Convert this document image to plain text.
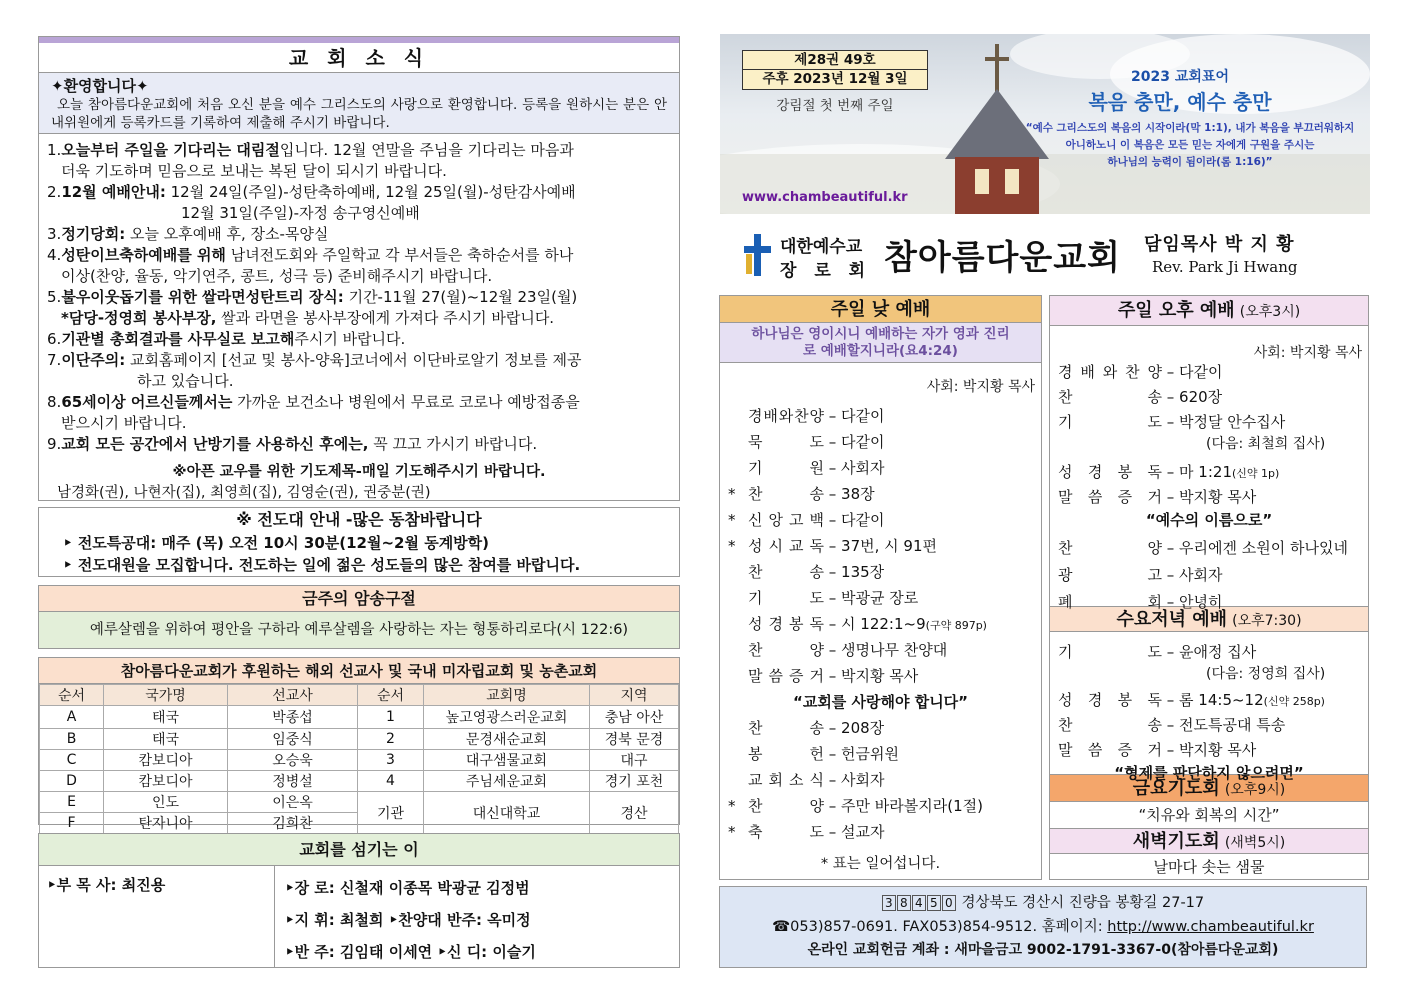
교 회 소 식
✦환영합니다✦
오늘 참아름다운교회에 처음 오신 분을 예수 그리스도의 사랑으로 환영합니다. 등록을 원하시는 분은 안내위원에게 등록카드를 기록하여 제출해 주시기 바랍니다.
1.오늘부터 주일을 기다리는 대림절입니다. 12월 연말을 주님을 기다리는 마음과
더욱 기도하며 믿음으로 보내는 복된 달이 되시기 바랍니다.
2.12월 예배안내: 12월 24일(주일)-성탄축하예배, 12월 25일(월)-성탄감사예배
12월 31일(주일)-자정 송구영신예배
3.정기당회: 오늘 오후예배 후, 장소-목양실
4.성탄이브축하예배를 위해 남녀전도회와 주일학교 각 부서들은 축하순서를 하나
이상(찬양, 율동, 악기연주, 콩트, 성극 등) 준비해주시기 바랍니다.
5.불우이웃돕기를 위한 쌀라면성탄트리 장식: 기간-11월 27(월)~12월 23일(월)
*담당-정영희 봉사부장, 쌀과 라면을 봉사부장에게 가져다 주시기 바랍니다.
6.기관별 총회결과를 사무실로 보고해주시기 바랍니다.
7.이단주의: 교회홈페이지 [선교 및 봉사-양육]코너에서 이단바로알기 정보를 제공
하고 있습니다.
8.65세이상 어르신들께서는 가까운 보건소나 병원에서 무료로 코로나 예방접종을
받으시기 바랍니다.
9.교회 모든 공간에서 난방기를 사용하신 후에는, 꼭 끄고 가시기 바랍니다.
※아픈 교우를 위한 기도제목-매일 기도해주시기 바랍니다.
남경화(권), 나현자(집), 최영희(집), 김영순(권), 권중분(권)
※ 전도대 안내 -많은 동참바랍니다
‣ 전도특공대: 매주 (목) 오전 10시 30분(12월~2월 동계방학)
‣ 전도대원을 모집합니다. 전도하는 일에 젊은 성도들의 많은 참여를 바랍니다.
금주의 암송구절
예루살렘을 위하여 평안을 구하라 예루살렘을 사랑하는 자는 형통하리로다(시 122:6)
참아름다운교회가 후원하는 해외 선교사 및 국내 미자립교회 및 농촌교회
순서	국가명	선교사	순서	교회명	지역
A	태국	박종섭	1	높고영광스러운교회	충남 아산
B	태국	임중식	2	문경새순교회	경북 문경
C	캄보디아	오승욱	3	대구샘물교회	대구
D	캄보디아	정병설	4	주님세운교회	경기 포천
E	인도	이은옥	기관	대신대학교	경산
F	탄자니아	김희찬			
교회를 섬기는 이
‣부 목 사: 최진용	‣장 로: 신철재 이종목 박광균 김정범
‣지 휘: 최철희 ‣찬양대 반주: 옥미정
‣반 주: 김임태 이세연 ‣신 디: 이슬기
제28권 49호
주후 2023년 12월 3일
강림절 첫 번째 주일
2023 교회표어
복음 충만, 예수 충만
“예수 그리스도의 복음의 시작이라(막 1:1), 내가 복음을 부끄러워하지
아니하노니 이 복음은 모든 믿는 자에게 구원을 주시는
하나님의 능력이 됨이라(롬 1:16)”
www.chambeautiful.kr
대한예수교
장 로 회 참아름다운교회 담임목사 박 지 황
Rev. Park Ji Hwang
주일 낮 예배
하나님은 영이시니 예배하는 자가 영과 진리로 예배할지니라(요4:24)
사회: 박지황 목사
* 표는 일어섭니다.
경 배 와 찬 양 – 다같이
묵	도 – 다같이
기	원 – 사회자
* 찬	송 – 38장
* 신 앙 고 백 – 다같이
* 성 시 교 독 – 37번, 시 91편
찬	송 – 135장
기	도 – 박광균 장로
성 경 봉 독 – 시 122:1~9(구약 897p)
찬	양 – 생명나무 찬양대
말 씀 증 거 – 박지황 목사
“교회를 사랑해야 합니다”
찬	송 – 208장
봉	헌 – 헌금위원
교 회 소 식 – 사회자
* 찬	양 – 주만 바라볼지라(1절)
* 축	도 – 설교자
주일 오후 예배 (오후3시)
사회: 박지황 목사
수요저녁 예배 (오후7:30)
금요기도회 (오후9시)
“치유와 회복의 시간”
새벽기도회 (새벽5시)
날마다 솟는 샘물
경 배 와 찬 양 – 다같이
찬	송 – 620장
기	도 – 박정달 안수집사
(다음: 최철희 집사)
성 경 봉 독 – 마 1:21(신약 1p)
말 씀 증 거 – 박지황 목사
“예수의 이름으로”
찬	양 – 우리에겐 소원이 하나있네
광	고 – 사회자
폐	회 – 안녕히
기	도 – 윤애정 집사
(다음: 정영희 집사)
성 경 봉 독 – 롬 14:5~12(신약 258p)
찬	송 – 전도특공대 특송
말 씀 증 거 – 박지황 목사
“형제를 판단하지 않으려면”
3 8 4 5 0 경상북도 경산시 진량읍 봉황길 27-17
☎053)857-0691. FAX053)854-9512. 홈페이지: http://www.chambeautiful.kr
온라인 교회헌금 계좌 : 새마을금고 9002-1791-3367-0(참아름다운교회)
